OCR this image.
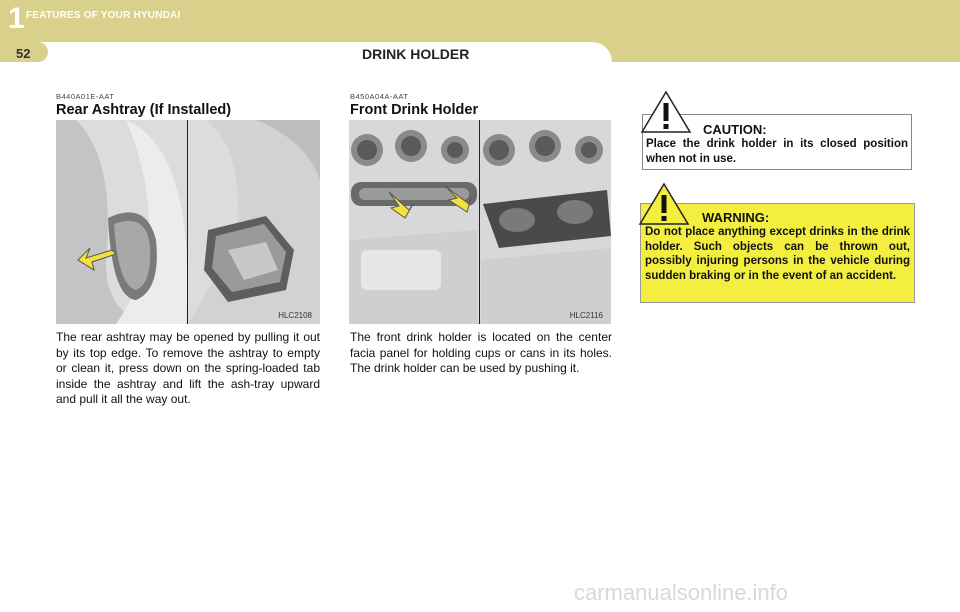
1 FEATURES OF YOUR HYUNDAI
52	DRINK HOLDER
B440A01E-AAT
Rear Ashtray (If Installed)
HLC2108
The rear ashtray may be opened by pulling it out by its top edge. To remove the ashtray to empty or clean it, press down on the spring-loaded tab inside the ashtray and lift the ash-tray upward and pull it all the way out.
B450A04A-AAT
Front Drink Holder
HLC2116
The front drink holder is located on the center facia panel for holding cups or cans in its holes. The drink holder can be used by pushing it.
CAUTION:
Place the drink holder in its closed position when not in use.
WARNING:
Do not place anything except drinks in the drink holder. Such objects can be thrown out, possibly injuring persons in the vehicle during sudden braking or in the event of an accident.
carmanualsonline.info
